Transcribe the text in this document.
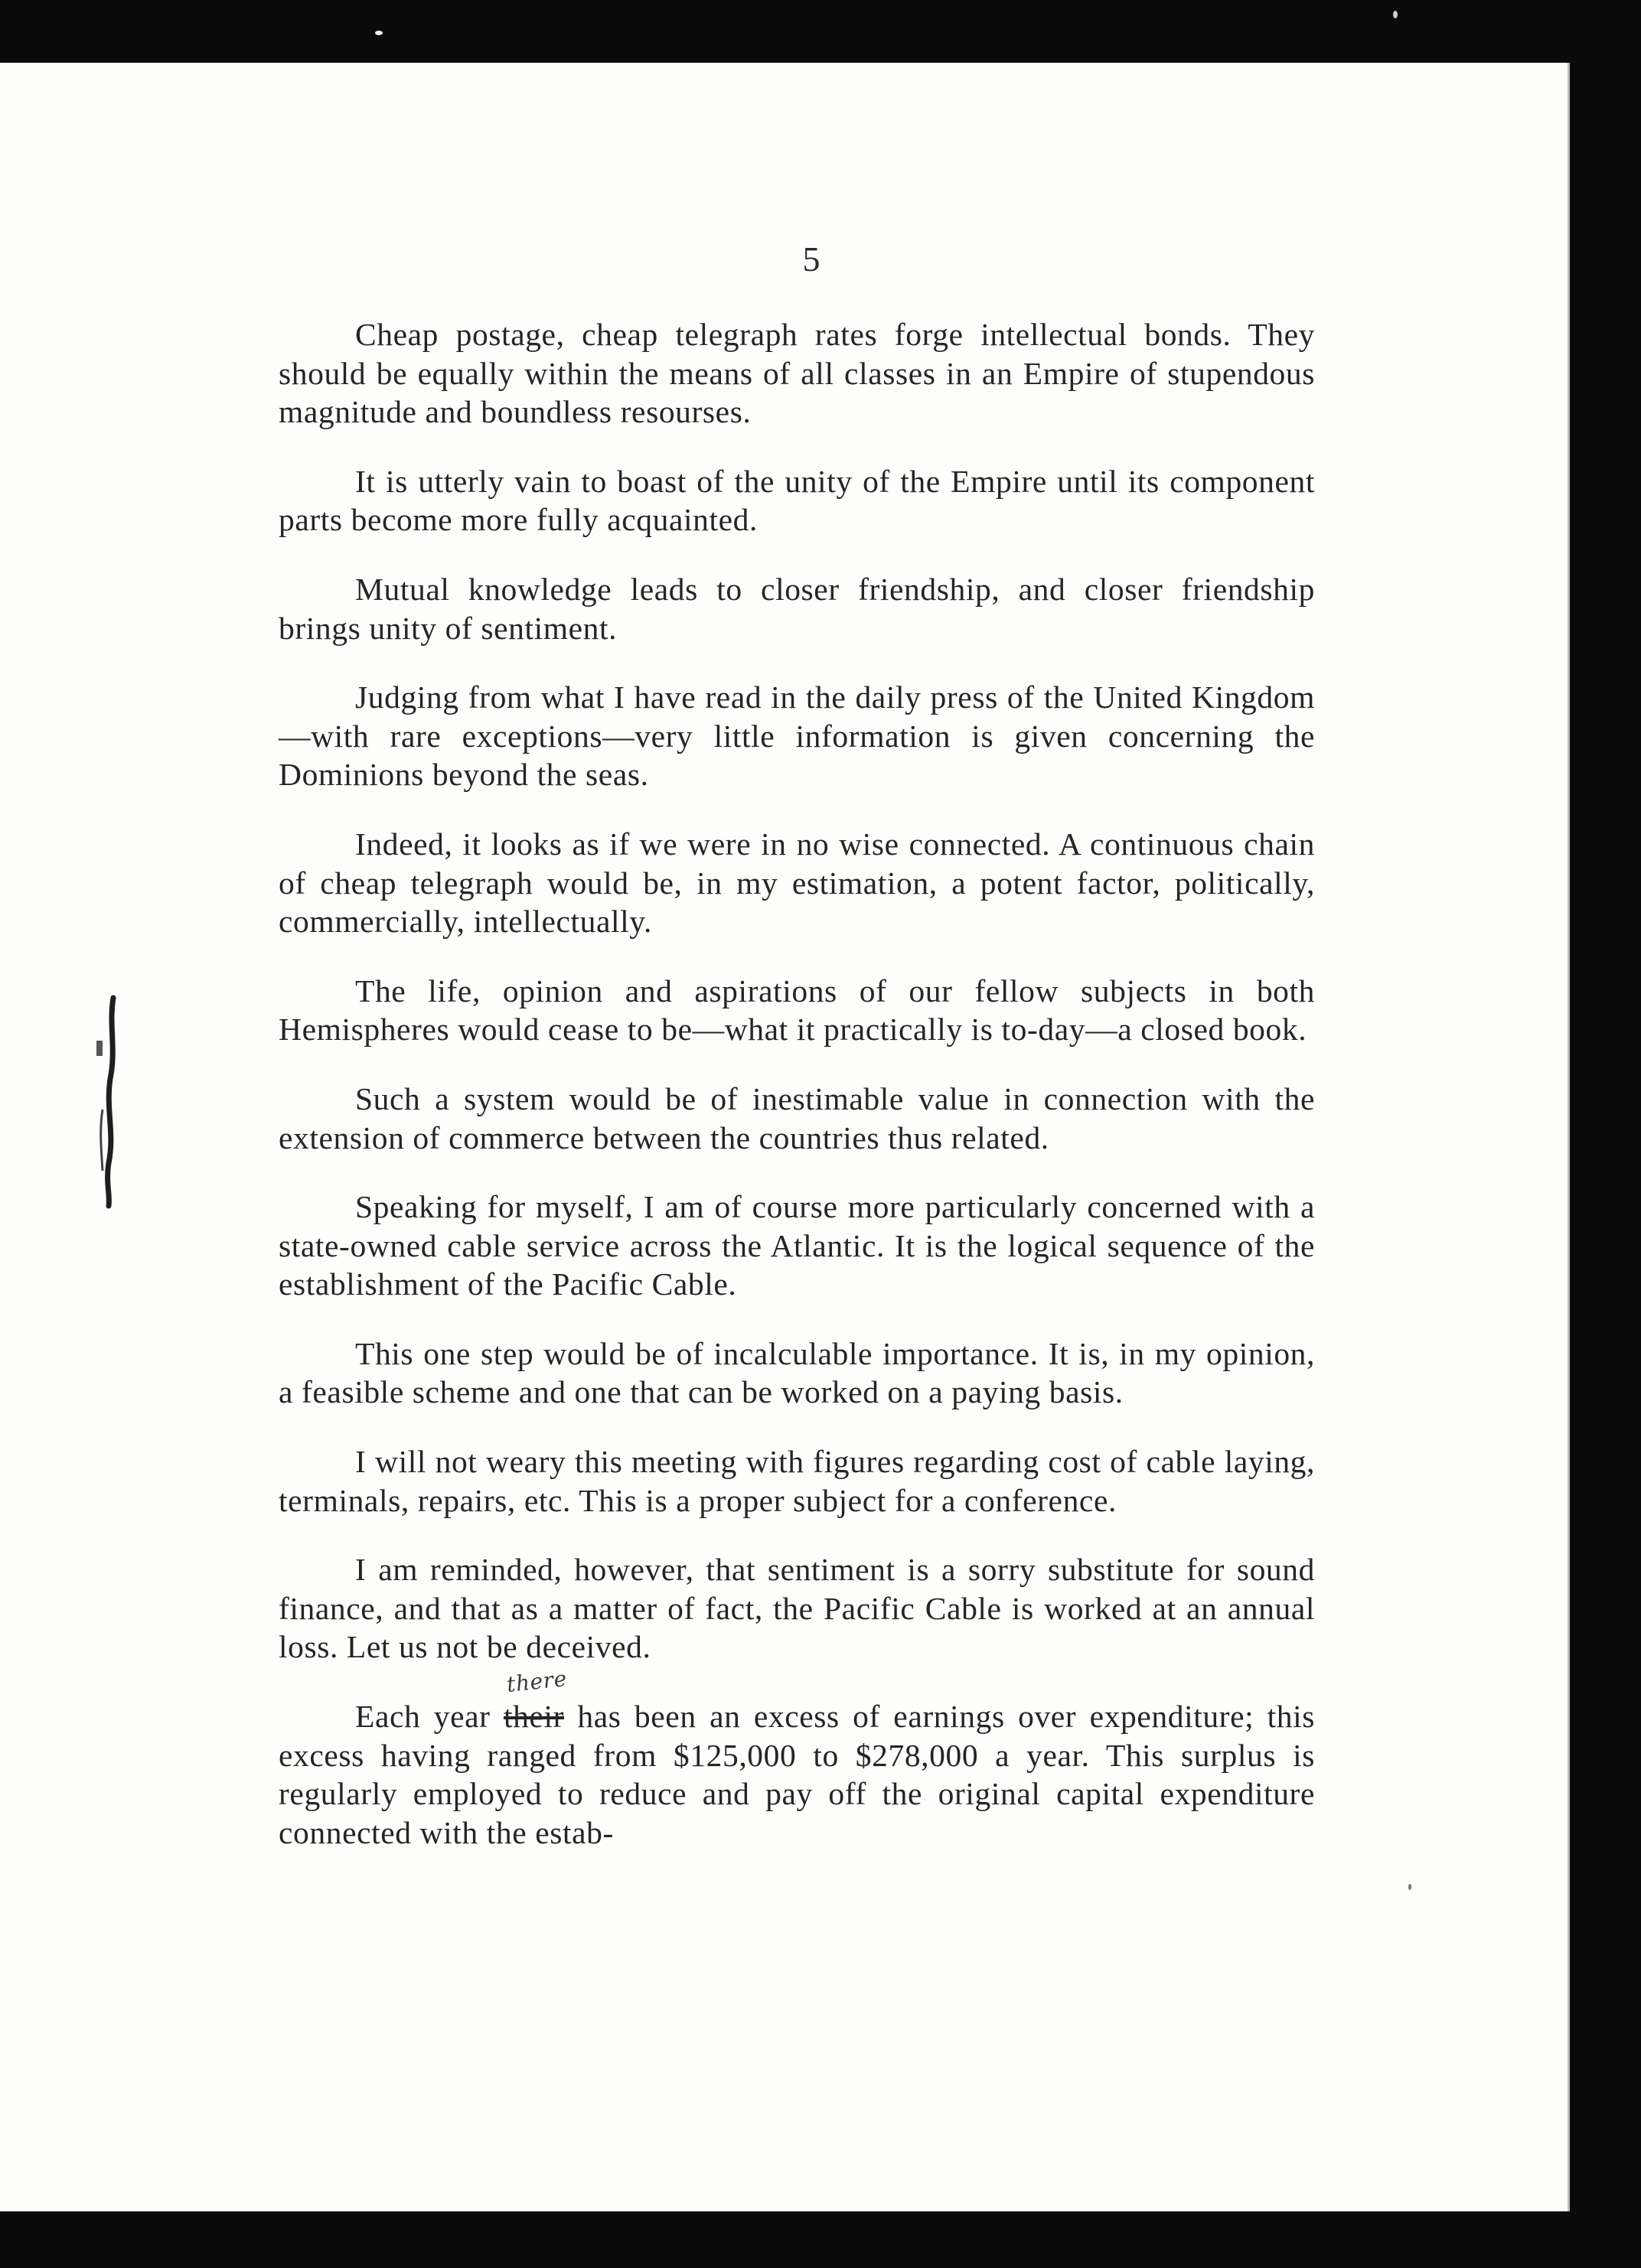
5

Cheap postage, cheap telegraph rates forge intellectual bonds. They should be equally within the means of all classes in an Empire of stupendous magnitude and boundless resourses.

It is utterly vain to boast of the unity of the Empire until its component parts become more fully acquainted.

Mutual knowledge leads to closer friendship, and closer friendship brings unity of sentiment.

Judging from what I have read in the daily press of the United Kingdom—with rare exceptions—very little information is given concerning the Dominions beyond the seas.

Indeed, it looks as if we were in no wise connected. A continuous chain of cheap telegraph would be, in my estimation, a potent factor, politically, commercially, intellectually.

The life, opinion and aspirations of our fellow subjects in both Hemispheres would cease to be—what it practically is to-day—a closed book.

Such a system would be of inestimable value in connection with the extension of commerce between the countries thus related.

Speaking for myself, I am of course more particularly concerned with a state-owned cable service across the Atlantic. It is the logical sequence of the establishment of the Pacific Cable.

This one step would be of incalculable importance. It is, in my opinion, a feasible scheme and one that can be worked on a paying basis.

I will not weary this meeting with figures regarding cost of cable laying, terminals, repairs, etc. This is a proper subject for a conference.

I am reminded, however, that sentiment is a sorry substitute for sound finance, and that as a matter of fact, the Pacific Cable is worked at an annual loss. Let us not be deceived.

Each year
there
their has been an excess of earnings over expenditure; this excess having ranged from $125,000 to $278,000 a year. This surplus is regularly employed to reduce and pay off the original capital expenditure connected with the estab-
